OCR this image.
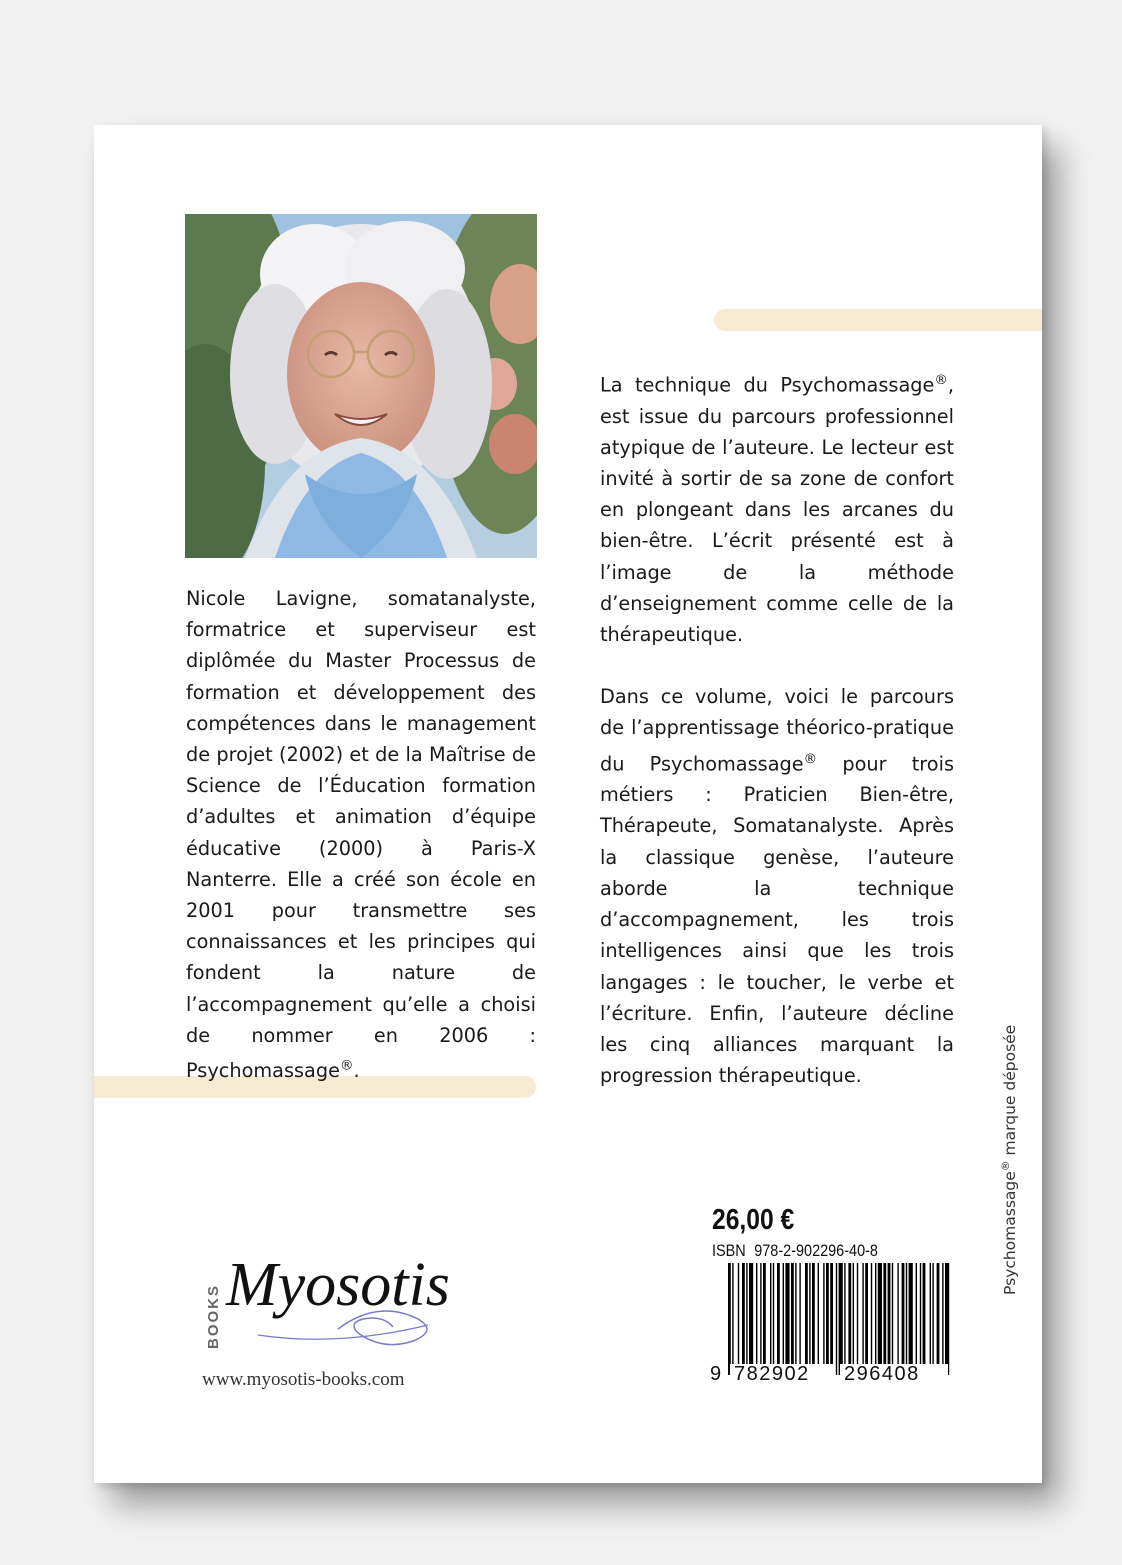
Nicole Lavigne, somatanalyste, formatrice et superviseur est diplômée du Master Processus de formation et développement des compétences dans le management de projet (2002) et de la Maîtrise de Science de l’Éducation formation d’adultes et animation d’équipe éducative (2000) à Paris-X Nanterre. Elle a créé son école en 2001 pour transmettre ses connaissances et les principes qui fondent la nature de l’accompagnement qu’elle a choisi de nommer en 2006 : Psychomassage®.

La technique du Psychomassage®, est issue du parcours professionnel atypique de l’auteure. Le lecteur est invité à sortir de sa zone de confort en plongeant dans les arcanes du bien-être. L’écrit présenté est à l’image de la méthode d’enseignement comme celle de la thérapeutique.

Dans ce volume, voici le parcours de l’apprentissage théorico-pratique du Psychomassage® pour trois métiers : Praticien Bien-être, Thérapeute, Somatanalyste. Après la classique genèse, l’auteure aborde la technique d’accompagnement, les trois intelligences ainsi que les trois langages : le toucher, le verbe et l’écriture. Enfin, l’auteure décline les cinq alliances marquant la progression thérapeutique.

Myosotis
BOOKS
www.myosotis-books.com
26,00 €
ISBN 978-2-902296-40-8
9 782902 296408
Psychomassage® marque déposée
